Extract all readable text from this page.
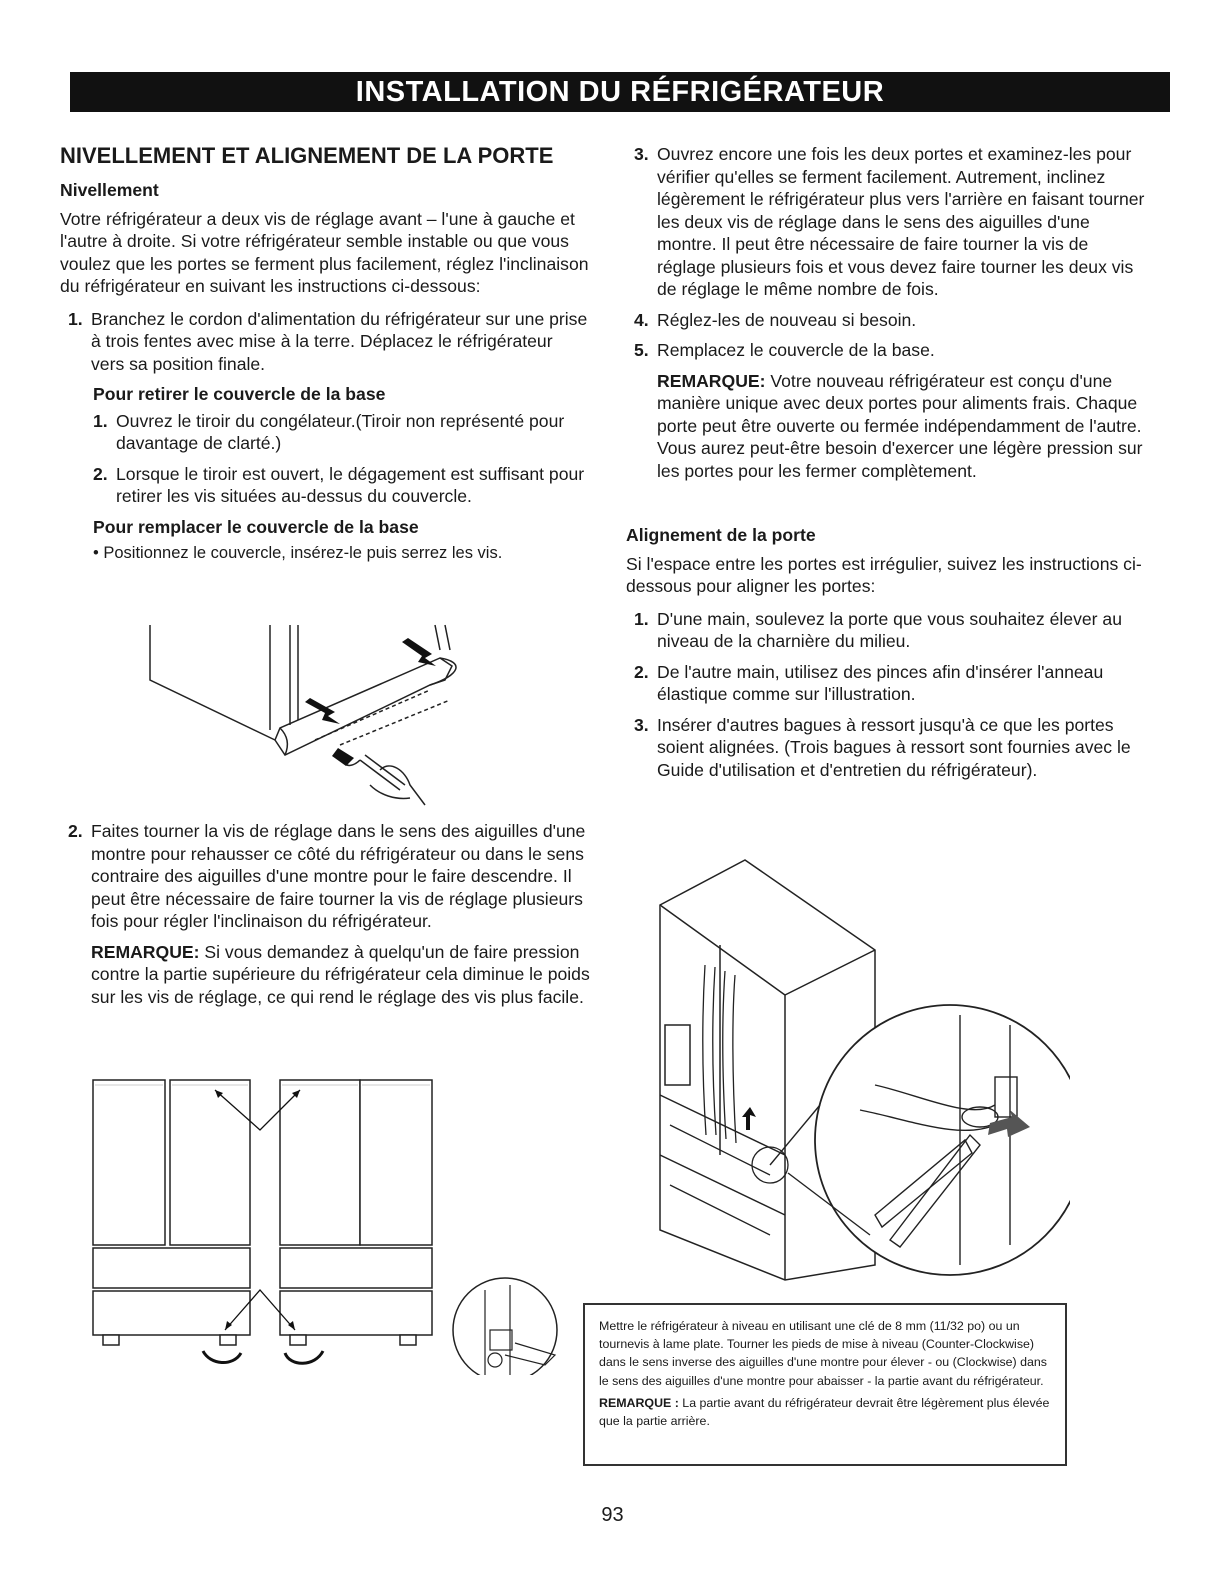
INSTALLATION DU RÉFRIGÉRATEUR
NIVELLEMENT ET ALIGNEMENT DE LA PORTE
Nivellement

Votre réfrigérateur a deux vis de réglage avant – l'une à gauche et l'autre à droite. Si votre réfrigérateur semble instable ou que vous voulez que les portes se ferment plus facilement, réglez l'inclinaison du réfrigérateur en suivant les instructions ci-dessous:

1. Branchez le cordon d'alimentation du réfrigérateur sur une prise à trois fentes avec mise à la terre. Déplacez le réfrigérateur vers sa position finale.
Pour retirer le couvercle de la base
1. Ouvrez le tiroir du congélateur.(Tiroir non représenté pour davantage de clarté.)
2. Lorsque le tiroir est ouvert, le dégagement est suffisant pour retirer les vis situées au-dessus du couvercle.
Pour remplacer le couvercle de la base
• Positionnez le couvercle, insérez-le puis serrez les vis.
2. Faites tourner la vis de réglage dans le sens des aiguilles d'une montre pour rehausser ce côté du réfrigérateur ou dans le sens contraire des aiguilles d'une montre pour le faire descendre. Il peut être nécessaire de faire tourner la vis de réglage plusieurs fois pour régler l'inclinaison du réfrigérateur.

REMARQUE: Si vous demandez à quelqu'un de faire pression contre la partie supérieure du réfrigérateur cela diminue le poids sur les vis de réglage, ce qui rend le réglage des vis plus facile.

3. Ouvrez encore une fois les deux portes et examinez-les pour vérifier qu'elles se ferment facilement. Autrement, inclinez légèrement le réfrigérateur plus vers l'arrière en faisant tourner les deux vis de réglage dans le sens des aiguilles d'une montre. Il peut être nécessaire de faire tourner la vis de réglage plusieurs fois et vous devez faire tourner les deux vis de réglage le même nombre de fois.
4. Réglez-les de nouveau si besoin.
5. Remplacez le couvercle de la base.

REMARQUE: Votre nouveau réfrigérateur est conçu d'une manière unique avec deux portes pour aliments frais. Chaque porte peut être ouverte ou fermée indépendamment de l'autre. Vous aurez peut-être besoin d'exercer une légère pression sur les portes pour les fermer complètement.

Alignement de la porte

Si l'espace entre les portes est irrégulier, suivez les instructions ci-dessous pour aligner les portes:

1. D'une main, soulevez la porte que vous souhaitez élever au niveau de la charnière du milieu.
2. De l'autre main, utilisez des pinces afin d'insérer l'anneau élastique comme sur l'illustration.
3. Insérer d'autres bagues à ressort jusqu'à ce que les portes soient alignées. (Trois bagues à ressort sont fournies avec le Guide d'utilisation et d'entretien du réfrigérateur).

Mettre le réfrigérateur à niveau en utilisant une clé de 8 mm (11/32 po) ou un tournevis à lame plate. Tourner les pieds de mise à niveau (Counter-Clockwise) dans le sens inverse des aiguilles d'une montre pour élever - ou (Clockwise) dans le sens des aiguilles d'une montre pour abaisser - la partie avant du réfrigérateur.

REMARQUE : La partie avant du réfrigérateur devrait être légèrement plus élevée que la partie arrière.

93
